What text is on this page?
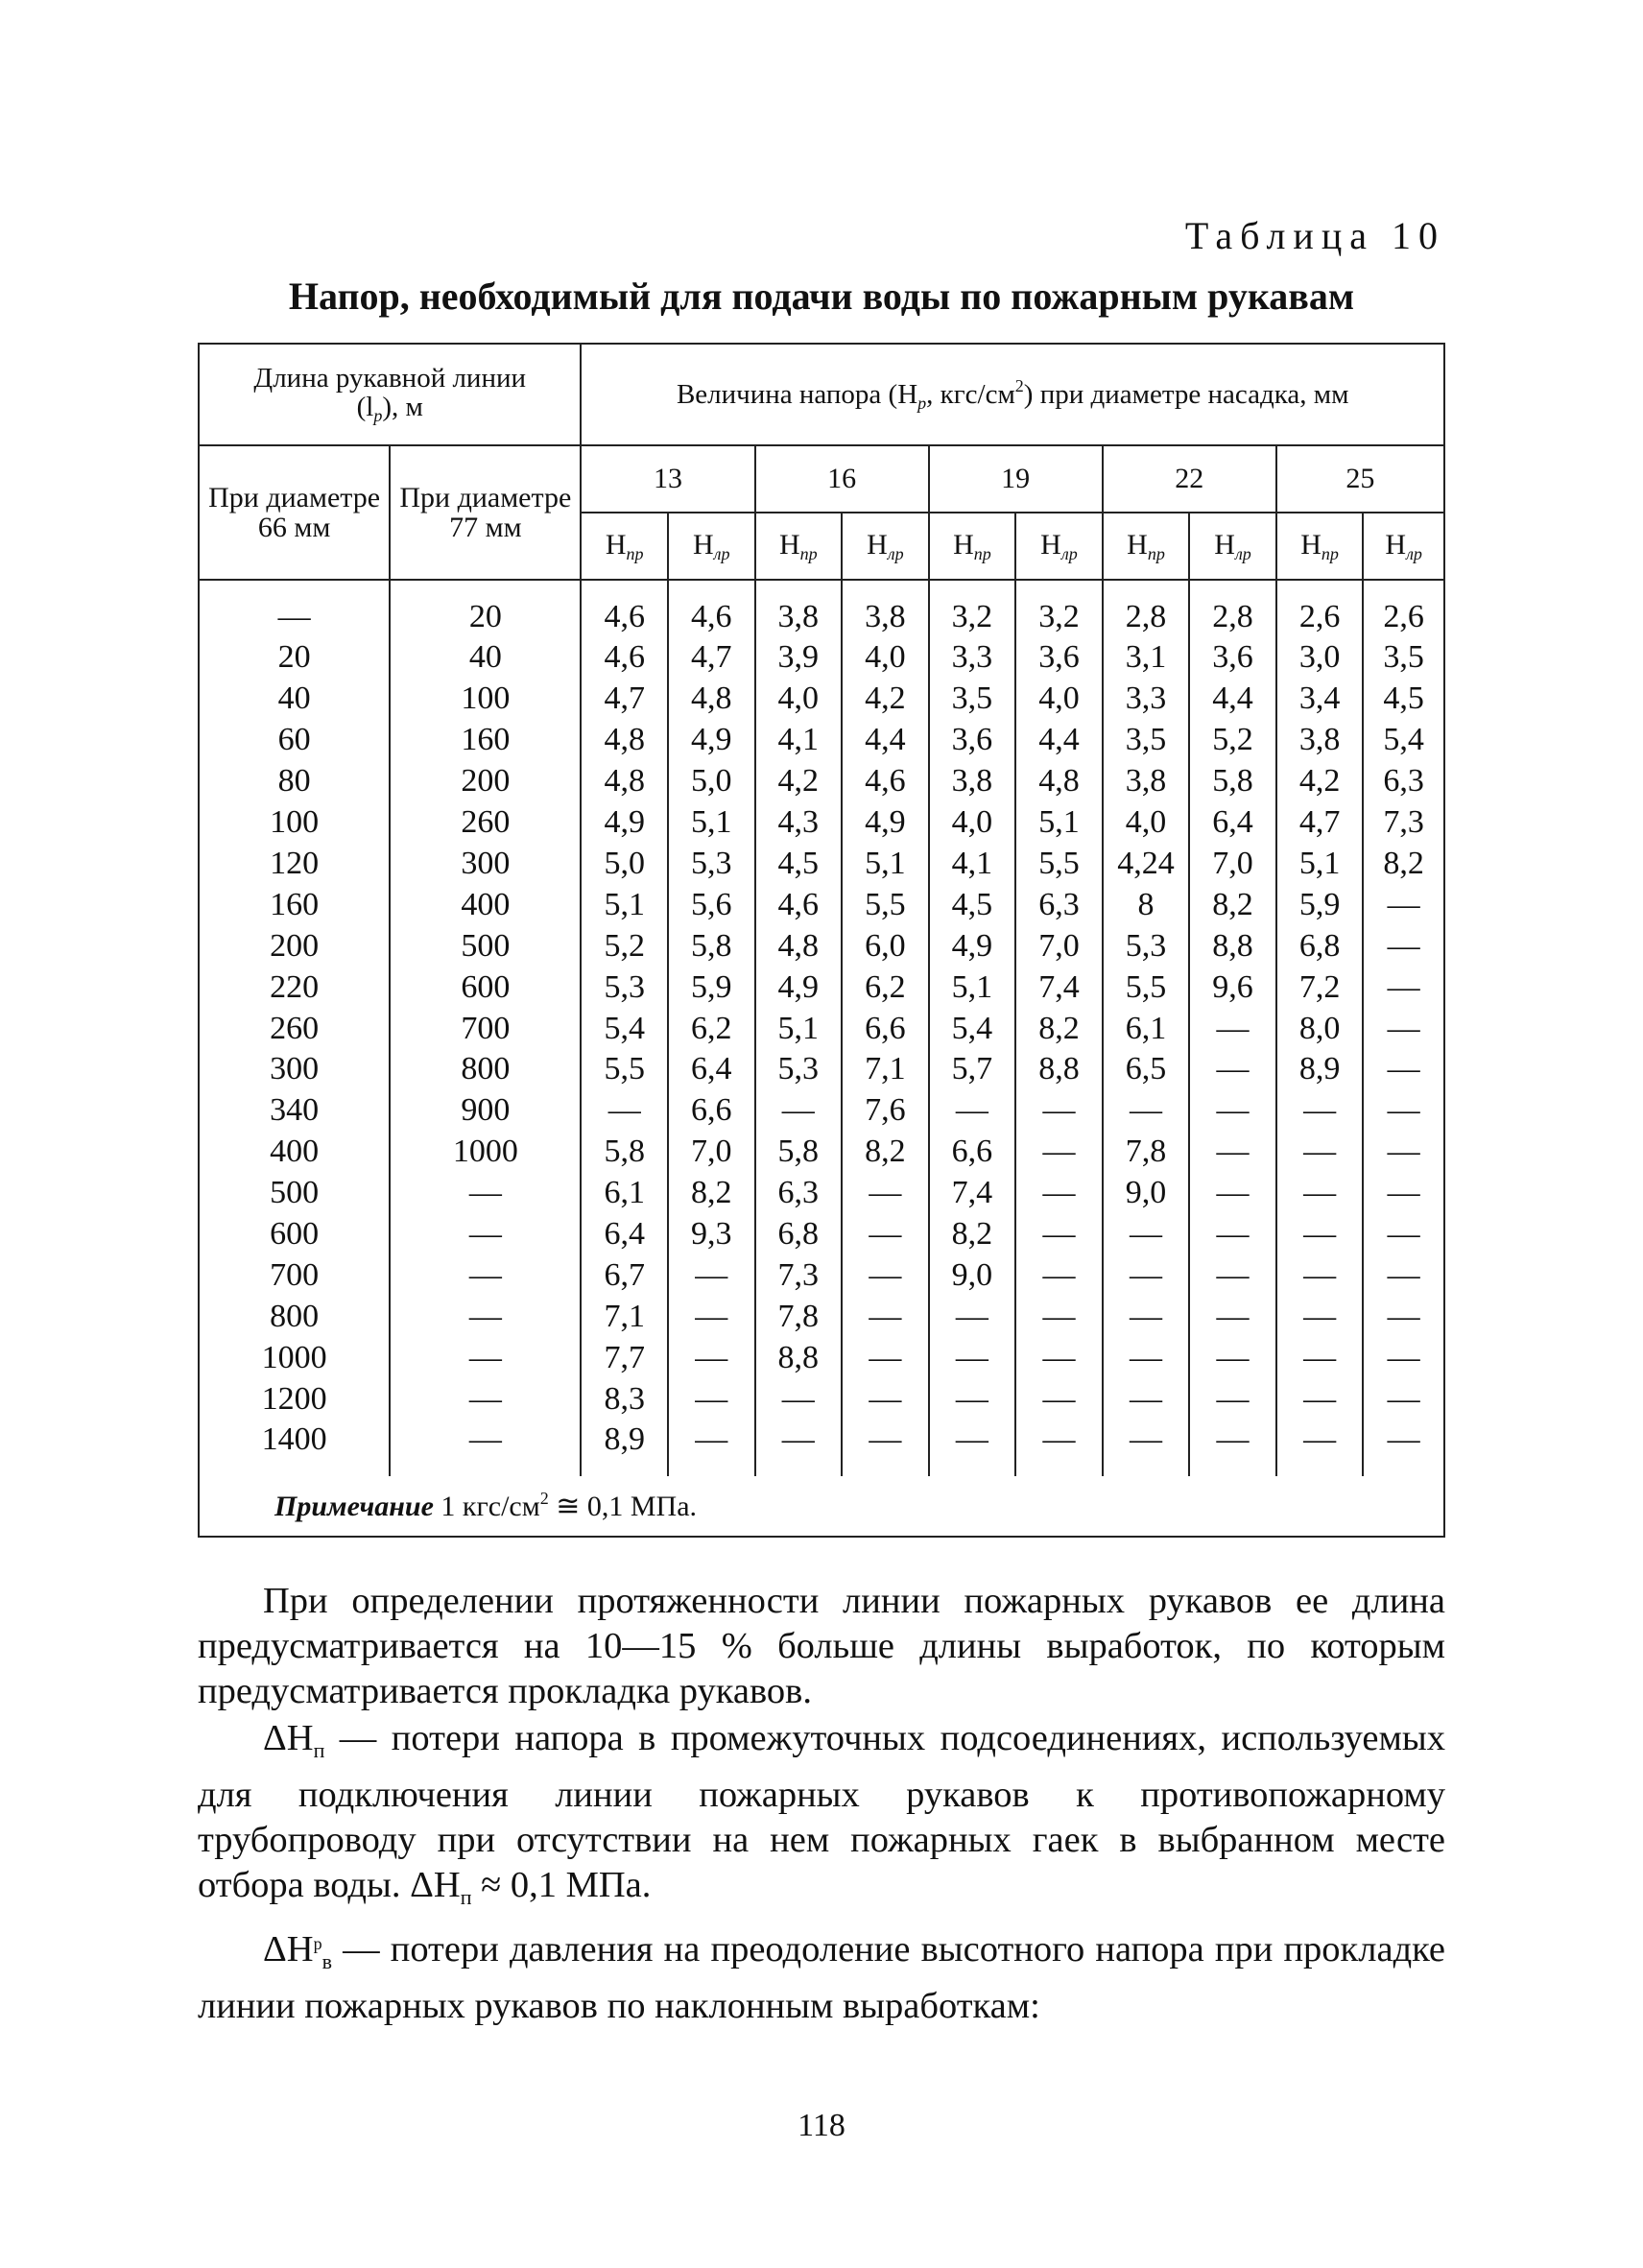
Таблица 10
Напор, необходимый для подачи воды по пожарным рукавам
Длина рукавной линии
$(l_р)$, м		Величина напора ($Н_р$, кгс/$см^2$) при диаметре насадка, мм									
При диаметре 66 мм	При диаметре 77 мм	13		16		19		22		25	
		$Н_{пр}$	$Н_{лр}$	$Н_{пр}$	$Н_{лр}$	$Н_{пр}$	$Н_{лр}$	$Н_{пр}$	$Н_{лр}$	$Н_{пр}$	$Н_{лр}$
—	20	4,6	4,6	3,8	3,8	3,2	3,2	2,8	2,8	2,6	2,6
20	40	4,6	4,7	3,9	4,0	3,3	3,6	3,1	3,6	3,0	3,5
40	100	4,7	4,8	4,0	4,2	3,5	4,0	3,3	4,4	3,4	4,5
60	160	4,8	4,9	4,1	4,4	3,6	4,4	3,5	5,2	3,8	5,4
80	200	4,8	5,0	4,2	4,6	3,8	4,8	3,8	5,8	4,2	6,3
100	260	4,9	5,1	4,3	4,9	4,0	5,1	4,0	6,4	4,7	7,3
120	300	5,0	5,3	4,5	5,1	4,1	5,5	4,24	7,0	5,1	8,2
160	400	5,1	5,6	4,6	5,5	4,5	6,3	8	8,2	5,9	—
200	500	5,2	5,8	4,8	6,0	4,9	7,0	5,3	8,8	6,8	—
220	600	5,3	5,9	4,9	6,2	5,1	7,4	5,5	9,6	7,2	—
260	700	5,4	6,2	5,1	6,6	5,4	8,2	6,1	—	8,0	—
300	800	5,5	6,4	5,3	7,1	5,7	8,8	6,5	—	8,9	—
340	900	—	6,6	—	7,6	—	—	—	—	—	—
400	1000	5,8	7,0	5,8	8,2	6,6	—	7,8	—	—	—
500	—	6,1	8,2	6,3	—	7,4	—	9,0	—	—	—
600	—	6,4	9,3	6,8	—	8,2	—	—	—	—	—
700	—	6,7	—	7,3	—	9,0	—	—	—	—	—
800	—	7,1	—	7,8	—	—	—	—	—	—	—
1000	—	7,7	—	8,8	—	—	—	—	—	—	—
1200	—	8,3	—	—	—	—	—	—	—	—	—
1400	—	8,9	—	—	—	—	—	—	—	—	—
Примечание 1 кгс/$см^2$ ≅ 0,1 МПа.											

При определении протяженности линии пожарных рукавов ее длина предусматривается на 10—15 % больше длины выработок, по которым предусматривается прокладка рукавов.

$\Delta Н_п$ — потери напора в промежуточных подсоединениях, используемых для подключения линии пожарных рукавов к противопожарному трубопроводу при отсутствии на нем пожарных гаек в выбранном месте отбора воды. $\Delta Н_п \approx 0,1$ МПа.

$\Delta Н^р_в$ — потери давления на преодоление высотного напора при прокладке линии пожарных рукавов по наклонным выработкам:

118
